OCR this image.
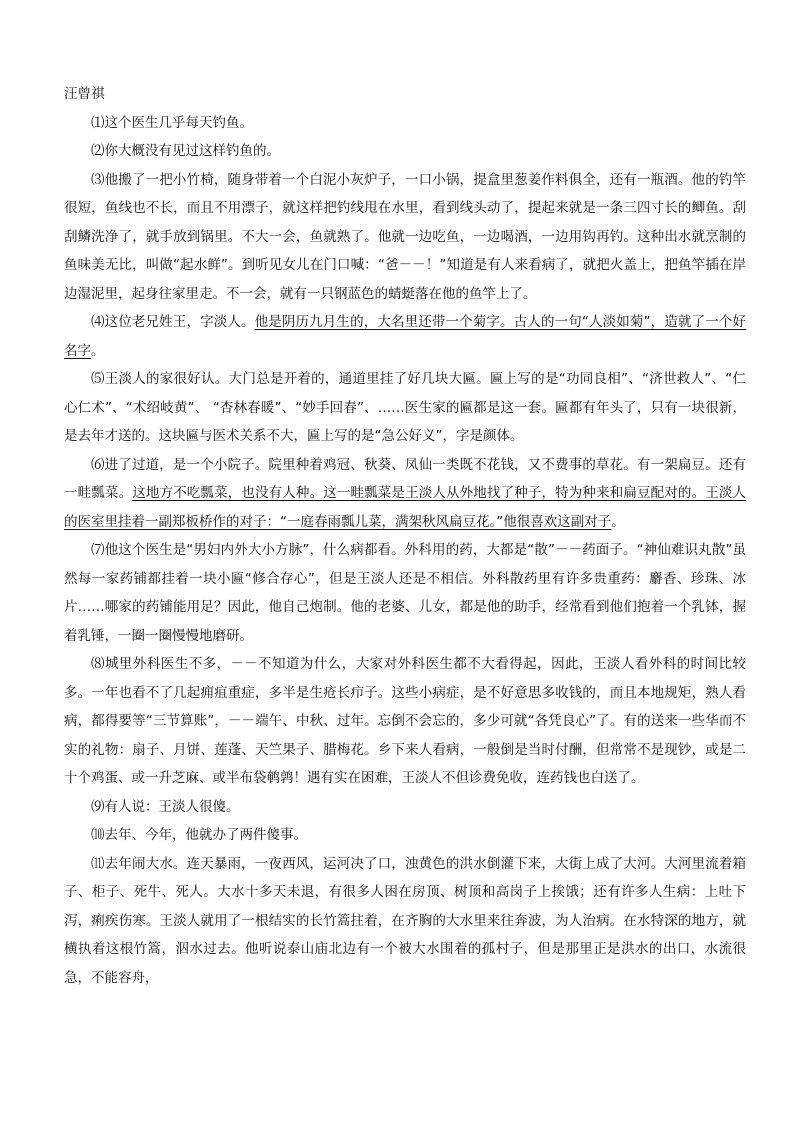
汪曾祺

⑴这个医生几乎每天钓鱼。

⑵你大概没有见过这样钓鱼的。

⑶他搬了一把小竹椅，随身带着一个白泥小灰炉子，一口小锅，提盒里葱姜作料俱全，还有一瓶酒。他的钓竿很短，鱼线也不长，而且不用漂子，就这样把钓线甩在水里，看到线头动了，提起来就是一条三四寸长的鲫鱼。刮刮鳞洗净了，就手放到锅里。不大一会，鱼就熟了。他就一边吃鱼，一边喝酒，一边用钩再钓。这种出水就烹制的鱼味美无比，叫做“起水鲜”。到听见女儿在门口喊：“爸－－！”知道是有人来看病了，就把火盖上，把鱼竿插在岸边湿泥里，起身往家里走。不一会，就有一只钢蓝色的蜻蜓落在他的鱼竿上了。

⑷这位老兄姓王，字淡人。他是阴历九月生的，大名里还带一个菊字。古人的一句“人淡如菊”，造就了一个好名字。

⑸王淡人的家很好认。大门总是开着的，通道里挂了好几块大匾。匾上写的是“功同良相”、“济世救人”、“仁心仁术”、“术绍岐黄”、 “杏林春暖”、“妙手回春”、……医生家的匾都是这一套。匾都有年头了，只有一块很新，是去年才送的。这块匾与医术关系不大，匾上写的是“急公好义”，字是颜体。

⑹进了过道，是一个小院子。院里种着鸡冠、秋葵、凤仙一类既不花钱，又不费事的草花。有一架扁豆。还有一畦瓢菜。这地方不吃瓢菜，也没有人种。这一畦瓢菜是王淡人从外地找了种子，特为种来和扁豆配对的。王淡人的医室里挂着一副郑板桥作的对子：“一庭春雨瓢儿菜，满架秋风扁豆花。”他很喜欢这副对子。

⑺他这个医生是“男妇内外大小方脉”，什么病都看。外科用的药，大都是“散”－－药面子。“神仙难识丸散”虽然每一家药铺都挂着一块小匾“修合存心”，但是王淡人还是不相信。外科散药里有许多贵重药：麝香、珍珠、冰片……哪家的药铺能用足？因此，他自己炮制。他的老婆、儿女，都是他的助手，经常看到他们抱着一个乳钵，握着乳锤，一圈一圈慢慢地磨研。

⑻城里外科医生不多，－－不知道为什么，大家对外科医生都不大看得起，因此，王淡人看外科的时间比较多。一年也看不了几起痈疽重症，多半是生疮长疖子。这些小病症，是不好意思多收钱的，而且本地规矩，熟人看病，都得要等“三节算账”，－－端午、中秋、过年。忘倒不会忘的，多少可就“各凭良心”了。有的送来一些华而不实的礼物：扇子、月饼、莲蓬、天竺果子、腊梅花。乡下来人看病，一般倒是当时付酬，但常常不是现钞，或是二十个鸡蛋、或一升芝麻、或半布袋鹌鹑！遇有实在困难，王淡人不但诊费免收，连药钱也白送了。

⑼有人说：王淡人很傻。

⑽去年、今年，他就办了两件傻事。

⑾去年闹大水。连天暴雨，一夜西风，运河决了口，浊黄色的洪水倒灌下来，大街上成了大河。大河里流着箱子、柜子、死牛、死人。大水十多天未退，有很多人困在房顶、树顶和高岗子上挨饿；还有许多人生病：上吐下泻，痢疾伤寒。王淡人就用了一根结实的长竹篙拄着，在齐胸的大水里来往奔波，为人治病。在水特深的地方，就横执着这根竹篙，泅水过去。他听说泰山庙北边有一个被大水围着的孤村子，但是那里正是洪水的出口，水流很急，不能容舟，
